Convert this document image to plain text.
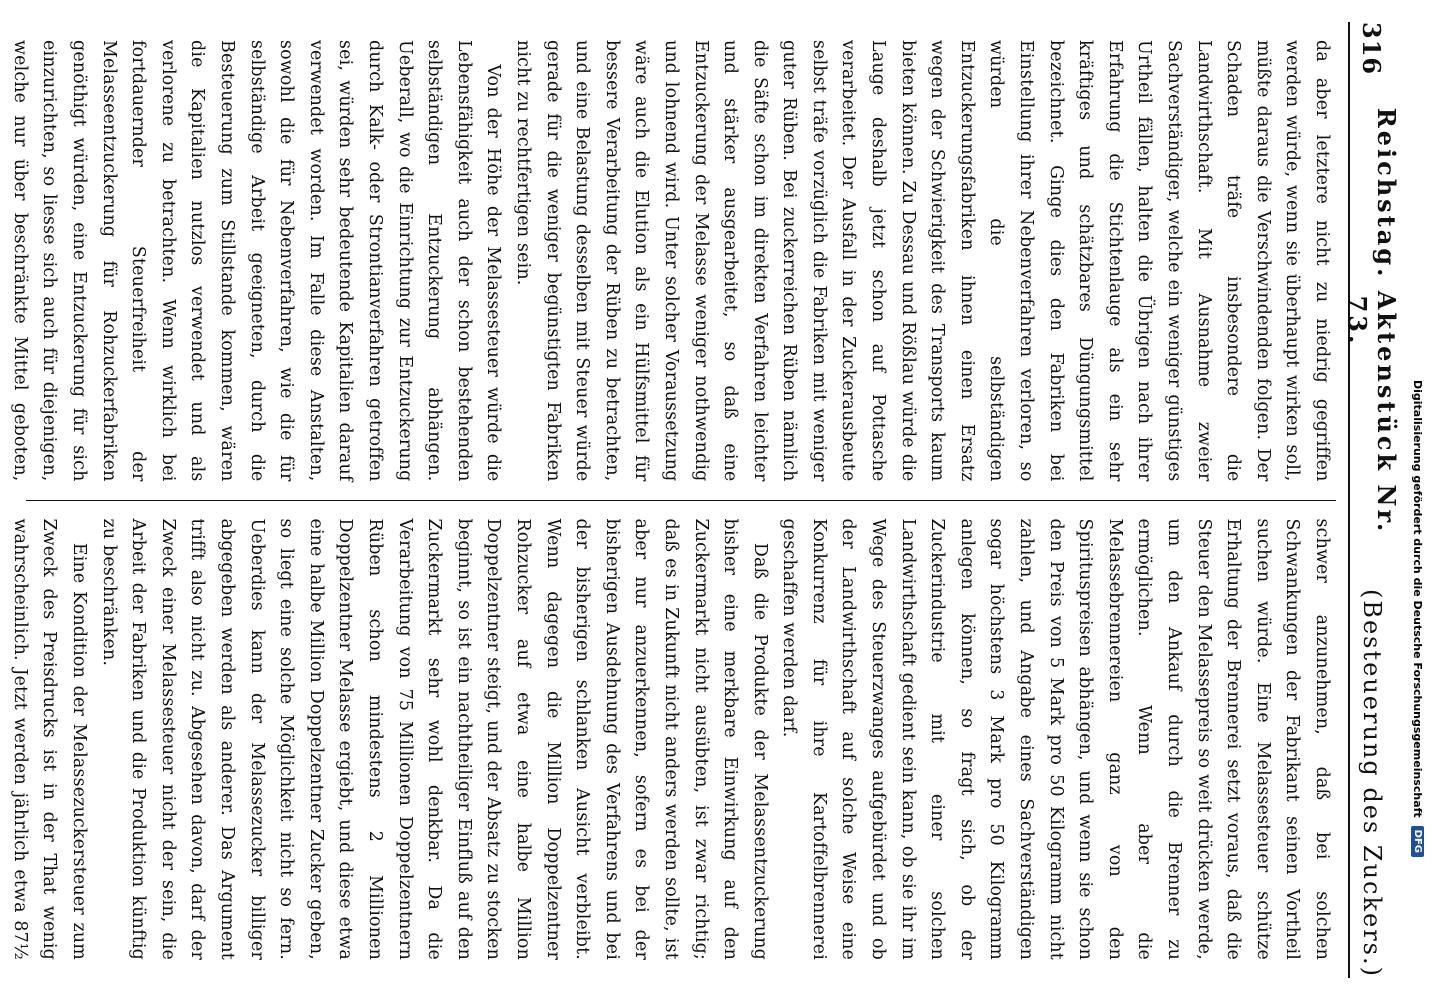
316
Reichstag. Aktenstück Nr. 73.
(Besteuerung des Zuckers.)

da aber letztere nicht zu niedrig gegriffen werden würde, wenn sie überhaupt wirken soll, müßte daraus die Verschwindenden folgen. Der Schaden träfe insbesondere die Landwirthschaft. Mit Ausnahme zweier Sachverständiger, welche ein weniger günstiges Urtheil fällen, halten die Übrigen nach ihrer Erfahrung die Stichtenlauge als ein sehr kräftiges und schätzbares Düngungsmittel bezeichnet. Ginge dies den Fabriken bei Einstellung ihrer Nebenverfahren verloren, so würden die selbständigen Entzuckerungsfabriken ihnen einen Ersatz wegen der Schwierigkeit des Transports kaum bieten können. Zu Dessau und Rößlau würde die Lauge deshalb jetzt schon auf Pottasche verarbeitet. Der Ausfall in der Zuckerausbeute selbst träfe vorzüglich die Fabriken mit weniger guter Rüben. Bei zuckerreichen Rüben nämlich die Säfte schon im direkten Verfahren leichter und stärker ausgearbeitet, so daß eine Entzuckerung der Melasse weniger nothwendig und lohnend wird. Unter solcher Voraussetzung wäre auch die Elution als ein Hülfsmittel für bessere Verarbeitung der Rüben zu betrachten, und eine Belastung desselben mit Steuer würde gerade für die weniger begünstigten Fabriken nicht zu rechtfertigen sein.

Von der Höhe der Melassesteuer würde die Lebensfähigkeit auch der schon bestehenden selbständigen Entzuckerung abhängen. Ueberall, wo die Einrichtung zur Entzuckerung durch Kalk- oder Strontianverfahren getroffen sei, würden sehr bedeutende Kapitalien darauf verwendet worden. Im Falle diese Anstalten, sowohl die für Nebenverfahren, wie die für selbständige Arbeit geeigneten, durch die Besteuerung zum Stillstande kommen, wären die Kapitalien nutzlos verwendet und als verlorene zu betrachten. Wenn wirklich bei fortdauernder Steuerfreiheit der Melasseentzuckerung für Rohzuckerfabriken genöthigt würden, eine Entzuckerung für sich einzurichten, so liesse sich auch für diejenigen, welche nur über beschränkte Mittel geboten,

schwer anzunehmen, daß bei solchen Schwankungen der Fabrikant seinen Vortheil suchen würde. Eine Melassesteuer schütze Erhaltung der Brennerei setzt voraus, daß die Steuer den Melassepreis so weit drücken werde, um den Ankauf durch die Brenner zu ermöglichen. Wenn aber die Melassebrennereien ganz von den Spirituspreisen abhängen, und wenn sie schon den Preis von 5 Mark pro 50 Kilogramm nicht zahlen, und Angabe eines Sachverständigen sogar höchstens 3 Mark pro 50 Kilogramm anlegen können, so fragt sich, ob der Zuckerindustrie mit einer solchen Landwirthschaft gedient sein kann, ob sie ihr im Wege des Steuerzwanges aufgebürdet und ob der Landwirthschaft auf solche Weise eine Konkurrenz für ihre Kartoffelbrennerei geschaffen werden darf.

Daß die Produkte der Melassentzuckerung bisher eine merkbare Einwirkung auf den Zuckermarkt nicht ausübten, ist zwar richtig; daß es in Zukunft nicht anders werden sollte, ist aber nur anzuerkennen, sofern es bei der bisherigen Ausdehnung des Verfahrens und bei der bisherigen schlanken Ausicht verbleibt. Wenn dagegen die Million Doppelzentner Rohzucker auf etwa eine halbe Million Doppelzentner steigt, und der Absatz zu stocken beginnt, so ist ein nachtheiliger Einfluß auf den Zuckermarkt sehr wohl denkbar. Da die Verarbeitung von 75 Millionen Doppelzentnern Rüben schon mindestens 2 Millionen Doppelzentner Melasse ergiebt, und diese etwa eine halbe Million Doppelzentner Zucker geben, so liegt eine solche Möglichkeit nicht so fern. Ueberdies kann der Melassezucker billiger abgegeben werden als anderer. Das Argument trifft also nicht zu. Abgesehen davon, darf der Zweck einer Melassesteuer nicht der sein, die Arbeit der Fabriken und die Produktion künftig zu beschränken.

Eine Kondition der Melassezuckersteuer zum Zweck des Preisdrucks ist in der That wenig wahrscheinlich. Jetzt werden jährlich etwa 87½

Digitalisierung gefördert durch die Deutsche Forschungsgemeinschaft
DFG
